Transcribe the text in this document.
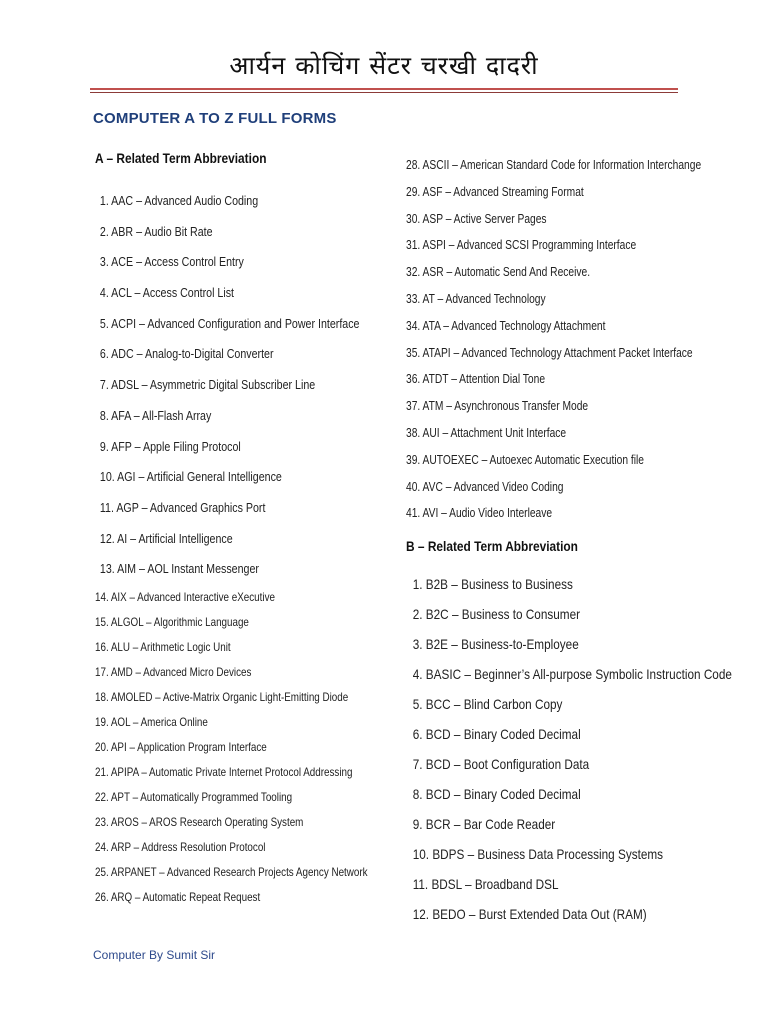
आर्यन कोचिंग सेंटर चरखी दादरी
COMPUTER A TO Z FULL FORMS
A – Related Term Abbreviation
1. AAC – Advanced Audio Coding
2. ABR – Audio Bit Rate
3. ACE – Access Control Entry
4. ACL – Access Control List
5. ACPI – Advanced Configuration and Power Interface
6. ADC – Analog-to-Digital Converter
7. ADSL – Asymmetric Digital Subscriber Line
8. AFA – All-Flash Array
9. AFP – Apple Filing Protocol
10. AGI – Artificial General Intelligence
11. AGP – Advanced Graphics Port
12. AI – Artificial Intelligence
13. AIM – AOL Instant Messenger
14. AIX – Advanced Interactive eXecutive
15. ALGOL – Algorithmic Language
16. ALU – Arithmetic Logic Unit
17. AMD – Advanced Micro Devices
18. AMOLED – Active-Matrix Organic Light-Emitting Diode
19. AOL – America Online
20. API – Application Program Interface
21. APIPA – Automatic Private Internet Protocol Addressing
22. APT – Automatically Programmed Tooling
23. AROS – AROS Research Operating System
24. ARP – Address Resolution Protocol
25. ARPANET – Advanced Research Projects Agency Network
26. ARQ – Automatic Repeat Request
28. ASCII – American Standard Code for Information Interchange
29. ASF – Advanced Streaming Format
30. ASP – Active Server Pages
31. ASPI – Advanced SCSI Programming Interface
32. ASR – Automatic Send And Receive.
33. AT – Advanced Technology
34. ATA – Advanced Technology Attachment
35. ATAPI – Advanced Technology Attachment Packet Interface
36. ATDT – Attention Dial Tone
37. ATM – Asynchronous Transfer Mode
38. AUI – Attachment Unit Interface
39. AUTOEXEC – Autoexec Automatic Execution file
40. AVC – Advanced Video Coding
41. AVI – Audio Video Interleave
B – Related Term Abbreviation
1. B2B – Business to Business
2. B2C – Business to Consumer
3. B2E – Business-to-Employee
4. BASIC – Beginner’s All-purpose Symbolic Instruction Code
5. BCC – Blind Carbon Copy
6. BCD – Binary Coded Decimal
7. BCD – Boot Configuration Data
8. BCD – Binary Coded Decimal
9. BCR – Bar Code Reader
10. BDPS – Business Data Processing Systems
11. BDSL – Broadband DSL
12. BEDO – Burst Extended Data Out (RAM)
Computer By Sumit Sir
